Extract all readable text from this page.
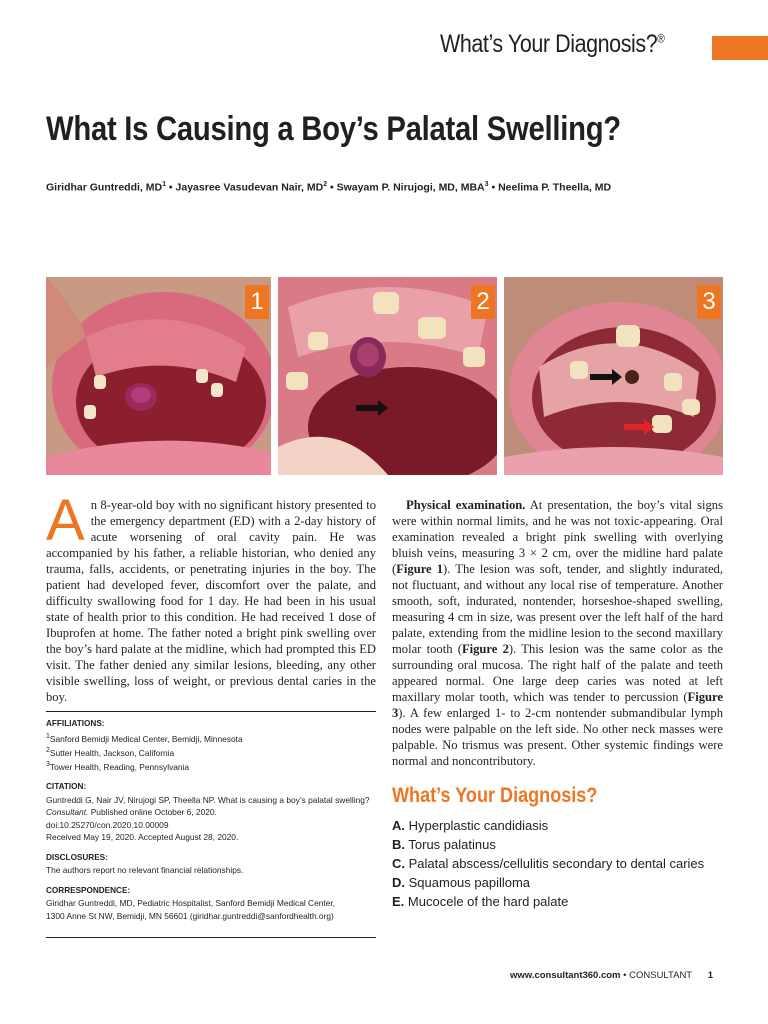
What’s Your Diagnosis?®
What Is Causing a Boy’s Palatal Swelling?
Giridhar Guntreddi, $MD^1$ • Jayasree Vasudevan Nair, $MD^2$ • Swayam P. Nirujogi, MD, MBA$^3$ • Neelima P. Theella, MD
1	2	3
An 8-year-old boy with no significant history presented to the emergency department (ED) with a 2-day history of acute worsening of oral cavity pain. He was accompanied by his father, a reliable historian, who denied any trauma, falls, accidents, or penetrating injuries in the boy. The patient had developed fever, discomfort over the palate, and difficulty swallowing food for 1 day. He had been in his usual state of health prior to this condition. He had received 1 dose of Ibuprofen at home. The father noted a bright pink swelling over the boy’s hard palate at the midline, which had prompted this ED visit. The father denied any similar lesions, bleeding, any other visible swelling, loss of weight, or previous dental caries in the boy.
Physical examination. At presentation, the boy’s vital signs were within normal limits, and he was not toxic-appearing. Oral examination revealed a bright pink swelling with overlying bluish veins, measuring 3 × 2 cm, over the midline hard palate (Figure 1). The lesion was soft, tender, and slightly indurated, not fluctuant, and without any local rise of temperature. Another smooth, soft, indurated, nontender, horseshoe-shaped swelling, measuring 4 cm in size, was present over the left half of the hard palate, extending from the midline lesion to the second maxillary molar tooth (Figure 2). This lesion was the same color as the surrounding oral mucosa. The right half of the palate and teeth appeared normal. One large deep caries was noted at left maxillary molar tooth, which was tender to percussion (Figure 3). A few enlarged 1- to 2-cm nontender submandibular lymph nodes were palpable on the left side. No other neck masses were palpable. No trismus was present. Other systemic findings were normal and noncontributory.
AFFILIATIONS:
$^1$Sanford Bemidji Medical Center, Bemidji, Minnesota
$^2$Sutter Health, Jackson, California
$^3$Tower Health, Reading, Pennsylvania
CITATION:
Guntreddi G, Nair JV, Nirujogi SP, Theella NP. What is causing a boy’s palatal swelling? Consultant. Published online October 6, 2020.
doi:10.25270/con.2020.10.00009
Received May 19, 2020. Accepted August 28, 2020.
DISCLOSURES:
The authors report no relevant financial relationships.
CORRESPONDENCE:
Giridhar Guntreddi, MD, Pediatric Hospitalist, Sanford Bemidji Medical Center,
1300 Anne St NW, Bemidji, MN 56601 (giridhar.guntreddi@sanfordhealth.org)
What’s Your Diagnosis?
A. Hyperplastic candidiasis
B. Torus palatinus
C. Palatal abscess/cellulitis secondary to dental caries
D. Squamous papilloma
E. Mucocele of the hard palate
www.consultant360.com • CONSULTANT 1
